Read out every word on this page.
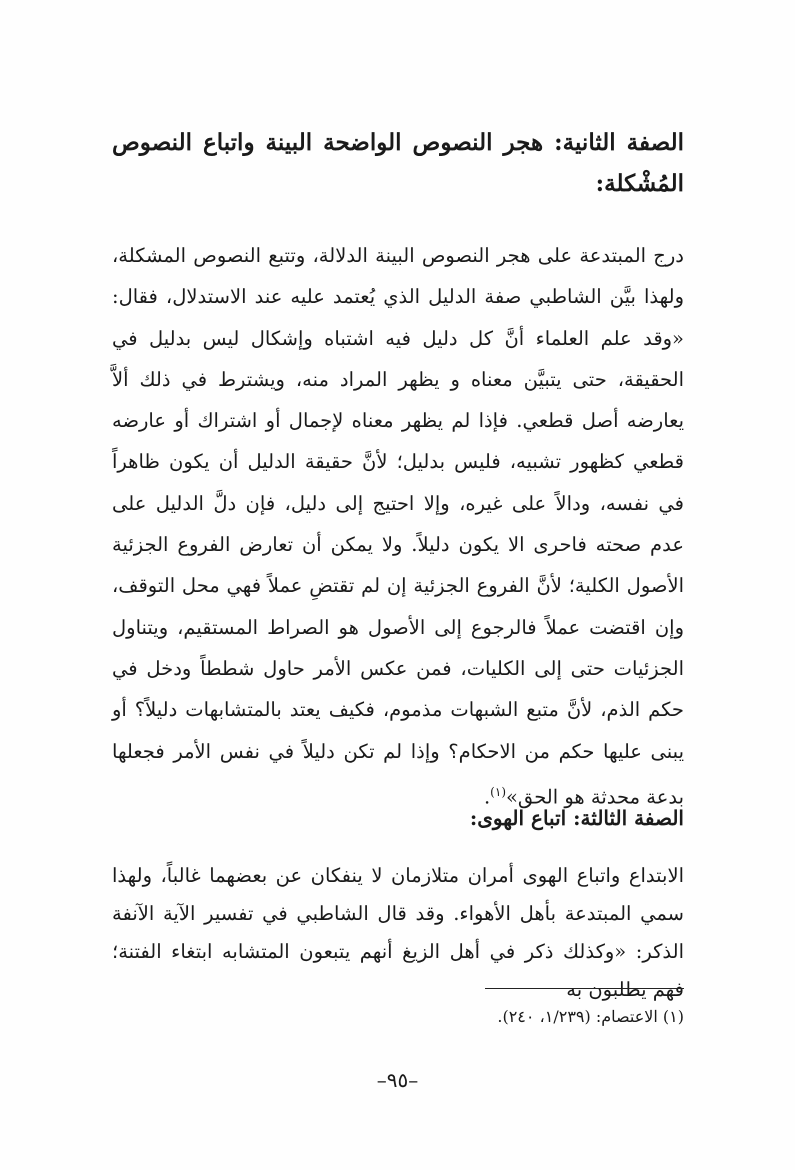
الصفة الثانية: هجر النصوص الواضحة البينة واتباع النصوص المُشْكلة:
درج المبتدعة على هجر النصوص البينة الدلالة، وتتبع النصوص المشكلة، ولهذا بيَّن الشاطبي صفة الدليل الذي يُعتمد عليه عند الاستدلال، فقال: «وقد علم العلماء أنَّ كل دليل فيه اشتباه وإشكال ليس بدليل في الحقيقة، حتى يتبيَّن معناه و يظهر المراد منه، ويشترط في ذلك ألاَّ يعارضه أصل قطعي. فإذا لم يظهر معناه لإجمال أو اشتراك أو عارضه قطعي كظهور تشبيه، فليس بدليل؛ لأنَّ حقيقة الدليل أن يكون ظاهراً في نفسه، ودالاً على غيره، وإلا احتيج إلى دليل، فإن دلَّ الدليل على عدم صحته فاحرى الا يكون دليلاً. ولا يمكن أن تعارض الفروع الجزئية الأصول الكلية؛ لأنَّ الفروع الجزئية إن لم تقتضِ عملاً فهي محل التوقف، وإن اقتضت عملاً فالرجوع إلى الأصول هو الصراط المستقيم، ويتناول الجزئيات حتى إلى الكليات، فمن عكس الأمر حاول شططاً ودخل في حكم الذم، لأنَّ متبع الشبهات مذموم، فكيف يعتد بالمتشابهات دليلاً؟ أو يبنى عليها حكم من الاحكام؟ وإذا لم تكن دليلاً في نفس الأمر فجعلها بدعة محدثة هو الحق»$^{(١)}$.
الصفة الثالثة: اتباع الهوى:
الابتداع واتباع الهوى أمران متلازمان لا ينفكان عن بعضهما غالباً، ولهذا سمي المبتدعة بأهل الأهواء. وقد قال الشاطبي في تفسير الآية الآنفة الذكر: «وكذلك ذكر في أهل الزيغ أنهم يتبعون المتشابه ابتغاء الفتنة؛ فهم يطلبون به
(١) الاعتصام: (١/٢٣٩، ٢٤٠).
–٩٥–
